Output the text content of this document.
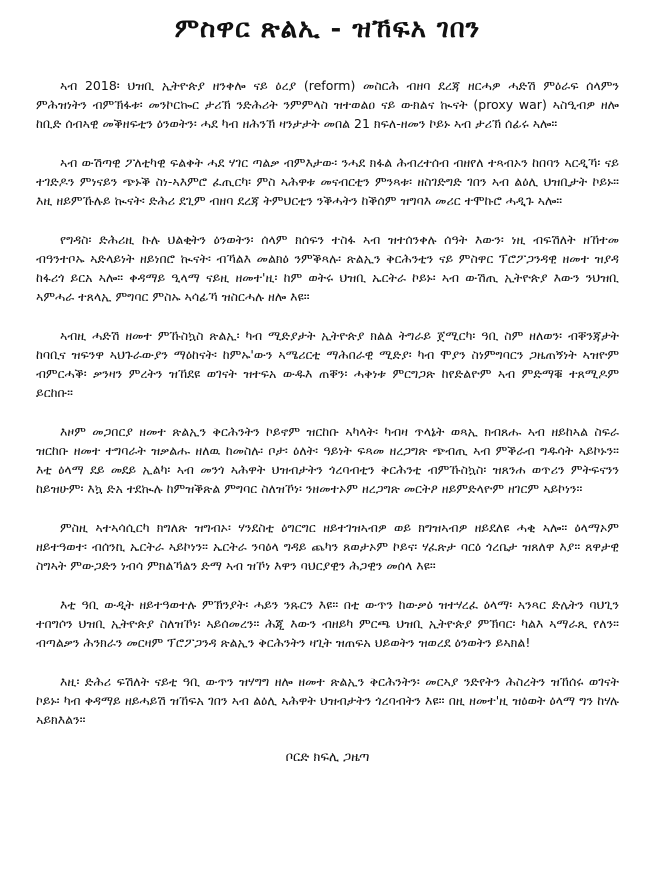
ምስዋር ጽልኢ - ዝኸፍአ ገበን

ኣብ 2018፡ ህዝቢ ኢትዮጵያ ዘንቀሎ ናይ ዕረያ (reform) መስርሕ ብዘባ ደረጃ ዘርሓዎ ሓድሽ ምዕራፍ ሰላምን ምሕዝነትን ብምኽፋቱ፡ መንኮርኰር ታሪኽ ንድሕሪት ንምምላስ ዝተወልዐ ናይ ውክልና ኲናት (proxy war) ኣስዒብዎ ዘሎ ከቢድ ሰብኣዊ መቕዘፍቲን ዕንወትን፡ ሓደ ካብ ዘሕንኽ ዛንታታት መበል 21 ክፍለ-ዘመን ኮይኑ ኣብ ታሪኽ ሰፊሩ ኣሎ።

ኣብ ውሽጣዊ ፖለቲካዊ ፍልቀት ሓደ ሃገር ጣልቃ ብምእታው፡ ንሓደ ክፋል ሕብረተሰብ ብዘየለ ተጻብኦን ከበባን ኣርዲኻ፡ ናይ ተገድዶን ምነናይን ጭኑቕ ስነ-ኣእምሮ ፈጢርካ፡ ምስ ኣሕዋቱ መናብርቲን ምንጻቱ፡ ዘስገድግድ ገበን ኣብ ልዕሊ ህዝቢታት ኮይኑ። እዚ ዘይምኹሉይ ኲናት፡ ድሕሪ ደጊም ብዘባ ደረጃ ትምህርቲን ንቕሓትን ከቕሰም ዝግባእ መሪር ተሞኩሮ ሓዲጉ ኣሎ።

የግዳስ፡ ድሕሪዚ ኩሉ ህልቂትን ዕንወትን፡ ሰላም ክሰፍን ተስፋ ኣብ ዝተሰንቀሉ ሰዓት እውን፡ ነዚ ብፍሽለት ዘኸተመ ብዓንተቦኡ ኣድላይነት ዘይነበሮ ኲናት፡ ብኻልእ መልክዕ ንምቕጻሉ፡ ጽልኢን ቅርሕንቲን ናይ ምስዋር ፕሮፖጋንዳዊ ዘመተ ዝያዳ ከፋሪጎ ይርአ ኣሎ። ቀዳማይ ዒላማ ናይዚ ዘመተ'ዚ፡ ከም ወትሩ ህዝቢ ኤርትራ ኮይኑ፡ ኣብ ውሽጢ ኢትዮጵያ እውን ንህዝቢ ኣምሓራ ተጸላኢ ምግባር ምስኡ ኣሳፊኻ ዝስርሓሉ ዘሎ እዩ።

ኣብዚ ሓድሽ ዘመተ ምኹስኳስ ጽልኢ፡ ካብ ሚድያታት ኢትዮጵያ ክልል ትግራይ ጀሚርካ፡ ዓቢ ስም ዘለወን፡ ብቐንጃታት ከባቢና ዝፍንዋ ኣህጉራውያን ማዕከናት፡ ከምኡ'ውን ኣሜሪርቲ ማሕበራዊ ሚድያ፡ ካብ ሞያን ስነምግባርን ጋዜጠኝነት ኣዝዮም ብምርሓቕ፡ ቃንዛን ምረትን ዝኸደዩ ወገናት ዝተፍአ ውዱእ ጠቐን፡ ሓቅነቱ ምርግጋጽ ከየድልዮም ኣብ ምድማቑ ተጸሚዶም ይርከቡ።

እዞም መጋበርያ ዘመተ ጽልኢን ቅርሕንትን ኮይኖም ዝርከቡ ኣካላት፡ ካብዛ ጥላኔት ወጻኢ ክብጸሑ ኣብ ዘይከኣል ስፍራ ዝርከቡ ዘመተ ተግባራት ዝቃልሑ ዘለዉ ከመስሉ፡ ቦታ፡ ዕለት፡ ዓይነት ፍጻመ ዘረጋግጽ ጭብጢ ኣብ ምቕራብ ግዱሳት ኣይኮኑን። እቲ ዕላማ ደይ መደይ ኢልካ፡ ኣብ መንጎ ኣሕዋት ህዝብታትን ጎረባብቲን ቅርሕንቲ ብምኹስኳስ፡ ዝጸንሐ ወጥሪን ምትፍናንን ከይዝሁም፡ እኳ ድአ ተደኲሉ ከምዝቕጽል ምግባር ስለዝኾነ፡ ንዘመተኦም ዘረጋግጽ መርትዖ ዘይምድላዮም ዘገርም ኣይኮነን።

ምስዚ ኣተኣሳሲርካ ክግለጽ ዝግብኦ፡ ሃንደስቲ ዕግርግር ዘይተገዝኣብዎ ወይ ክግዝኣብዎ ዘይደለዩ ሓቂ ኣሎ። ዕላማኦም ዘይተዓወተ፡ ብሰንኪ ኤርትራ ኣይኮነን። ኤርትራ ንባዕላ ግዳይ ጨካን ጸወታኦም ኮይና፡ ሃፈጽታ ባርዕ ጎረቤታ ዝጸለዋ እያ። ጸዋታዊ ስግኣት ምውጋድን ነብሳ ምክልኻልን ድማ ኣብ ዝኾነ እዋን ባህርያዊን ሕጋዊን መሰላ እዩ።

እቲ ዓቢ ውዲት ዘይተዓወተሉ ምኽንያት፡ ሓይን ንጹርን እዩ። በቲ ውጥን ከውቃዕ ዝተሃረፈ ዕላማ፡ ኣንጻር ድሌትን ባህጊን ተበግሶን ህዝቢ ኢትዮጵያ ስለዝኾነ፡ ኣይሰመረን። ሕጂ እውን ብዘይካ ምርጫ ህዝቢ ኢትዮጵያ ምኽባር፡ ካልእ ኣማራጺ የለን። ብጣልቃን ሕንክራን መርዛም ፕሮፖጋንዳ ጽልኢን ቅርሕንትን ዛጊት ዝጠፍአ ህይወትን ዝወረደ ዕንወትን ይኣክል!

እዚ፡ ድሕሪ ፍሽለት ናይቲ ዓቢ ውጥን ዝሃግግ ዘሎ ዘመተ ጽልኢን ቅርሕንትን፡ መርኣያ ንድየትን ሕስረትን ዝኸሰሩ ወገናት ኮይኑ፡ ካብ ቀዳማይ ዘይሓይሽ ዝኸፍአ ገበን ኣብ ልዕሊ ኣሕዋት ህዝብታትን ጎረባብትን እዩ። በዚ ዘመተ'ዚ ዝዕወት ዕላማ ግን ከሃሉ ኣይክእልን።

ቦርድ ክፍሊ ጋዜጣ
